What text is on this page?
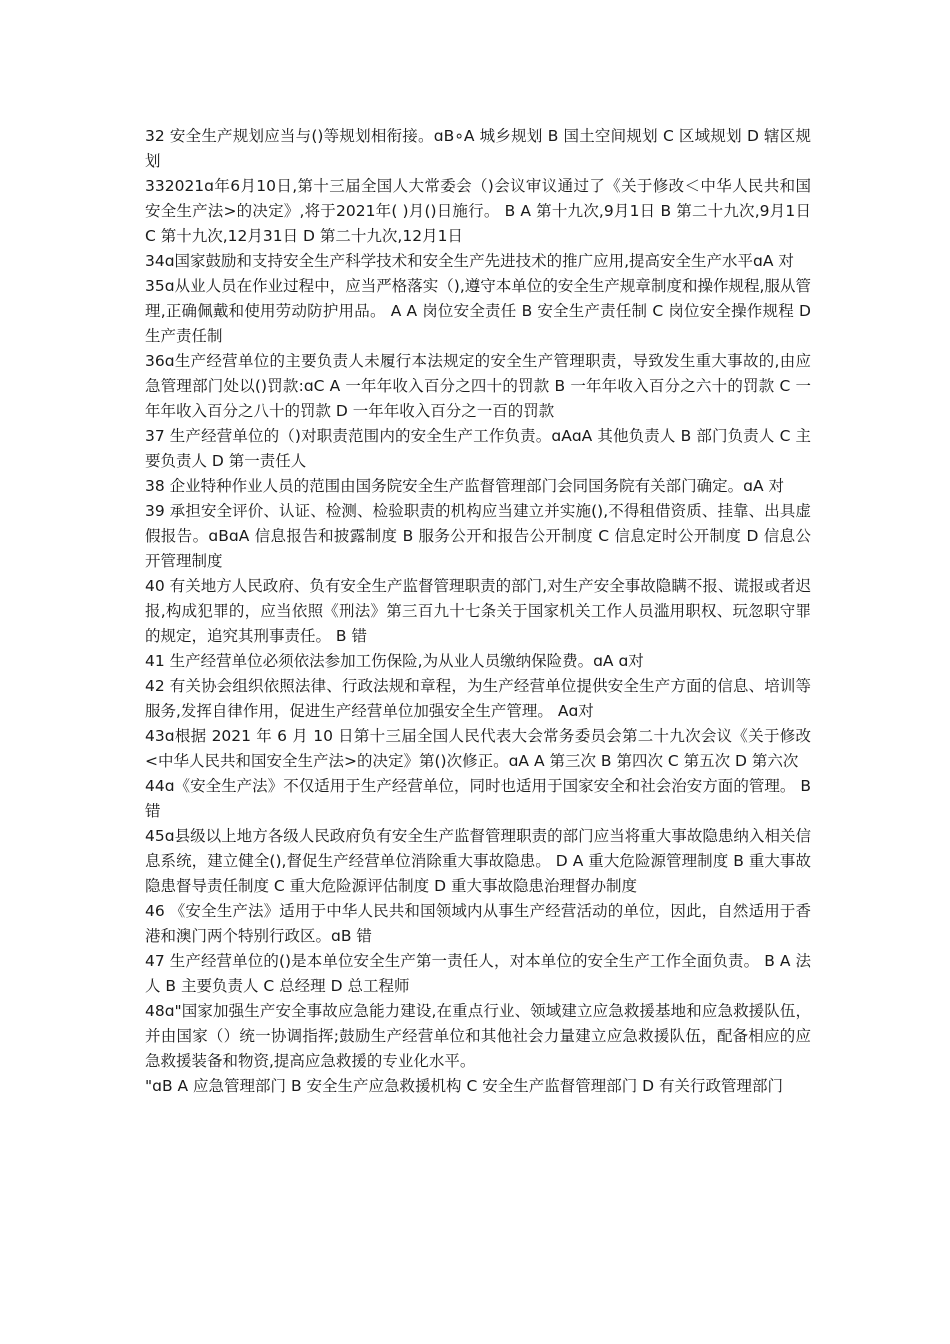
32 安全生产规划应当与()等规划相衔接。ɑB∘A 城乡规划 B 国土空间规划 C 区域规划 D 辖区规划

332021ɑ年6月10日,第十三届全国人大常委会（)会议审议通过了《关于修改＜中华人民共和国安全生产法>的决定》,将于2021年( )月()日施行。 B A 第十九次,9月1日 B 第二十九次,9月1日 C 第十九次,12月31日 D 第二十九次,12月1日

34ɑ国家鼓励和支持安全生产科学技术和安全生产先进技术的推广应用,提高安全生产水平ɑA 对

35ɑ从业人员在作业过程中，应当严格落实（),遵守本单位的安全生产规章制度和操作规程,服从管理,正确佩戴和使用劳动防护用品。 A A 岗位安全责任 B 安全生产责任制 C 岗位安全操作规程 D 生产责任制

36ɑ生产经营单位的主要负责人未履行本法规定的安全生产管理职责，导致发生重大事故的,由应急管理部门处以()罚款:ɑC A 一年年收入百分之四十的罚款 B 一年年收入百分之六十的罚款 C 一年年收入百分之八十的罚款 D 一年年收入百分之一百的罚款

37 生产经营单位的（)对职责范围内的安全生产工作负责。ɑAɑA 其他负责人 B 部门负责人 C 主要负责人 D 第一责任人

38 企业特种作业人员的范围由国务院安全生产监督管理部门会同国务院有关部门确定。ɑA 对

39 承担安全评价、认证、检测、检验职责的机构应当建立并实施(),不得租借资质、挂靠、出具虚假报告。ɑBɑA 信息报告和披露制度 B 服务公开和报告公开制度 C 信息定时公开制度 D 信息公开管理制度

40 有关地方人民政府、负有安全生产监督管理职责的部门,对生产安全事故隐瞒不报、谎报或者迟报,构成犯罪的，应当依照《刑法》第三百九十七条关于国家机关工作人员滥用职权、玩忽职守罪的规定，追究其刑事责任。 B 错

41 生产经营单位必须依法参加工伤保险,为从业人员缴纳保险费。ɑA ɑ对

42 有关协会组织依照法律、行政法规和章程，为生产经营单位提供安全生产方面的信息、培训等服务,发挥自律作用，促进生产经营单位加强安全生产管理。 Aɑ对

43ɑ根据 2021 年 6 月 10 日第十三届全国人民代表大会常务委员会第二十九次会议《关于修改<中华人民共和国安全生产法>的决定》第()次修正。ɑA A 第三次 B 第四次 C 第五次 D 第六次

44ɑ《安全生产法》不仅适用于生产经营单位，同时也适用于国家安全和社会治安方面的管理。 B 错

45ɑ县级以上地方各级人民政府负有安全生产监督管理职责的部门应当将重大事故隐患纳入相关信息系统，建立健全(),督促生产经营单位消除重大事故隐患。 D A 重大危险源管理制度 B 重大事故隐患督导责任制度 C 重大危险源评估制度 D 重大事故隐患治理督办制度

46 《安全生产法》适用于中华人民共和国领域内从事生产经营活动的单位，因此，自然适用于香港和澳门两个特别行政区。ɑB 错

47 生产经营单位的()是本单位安全生产第一责任人，对本单位的安全生产工作全面负责。 B A 法人 B 主要负责人 C 总经理 D 总工程师

48ɑ"国家加强生产安全事故应急能力建设,在重点行业、领域建立应急救援基地和应急救援队伍，并由国家（）统一协调指挥;鼓励生产经营单位和其他社会力量建立应急救援队伍，配备相应的应急救援装备和物资,提高应急救援的专业化水平。

"ɑB A 应急管理部门 B 安全生产应急救援机构 C 安全生产监督管理部门 D 有关行政管理部门
